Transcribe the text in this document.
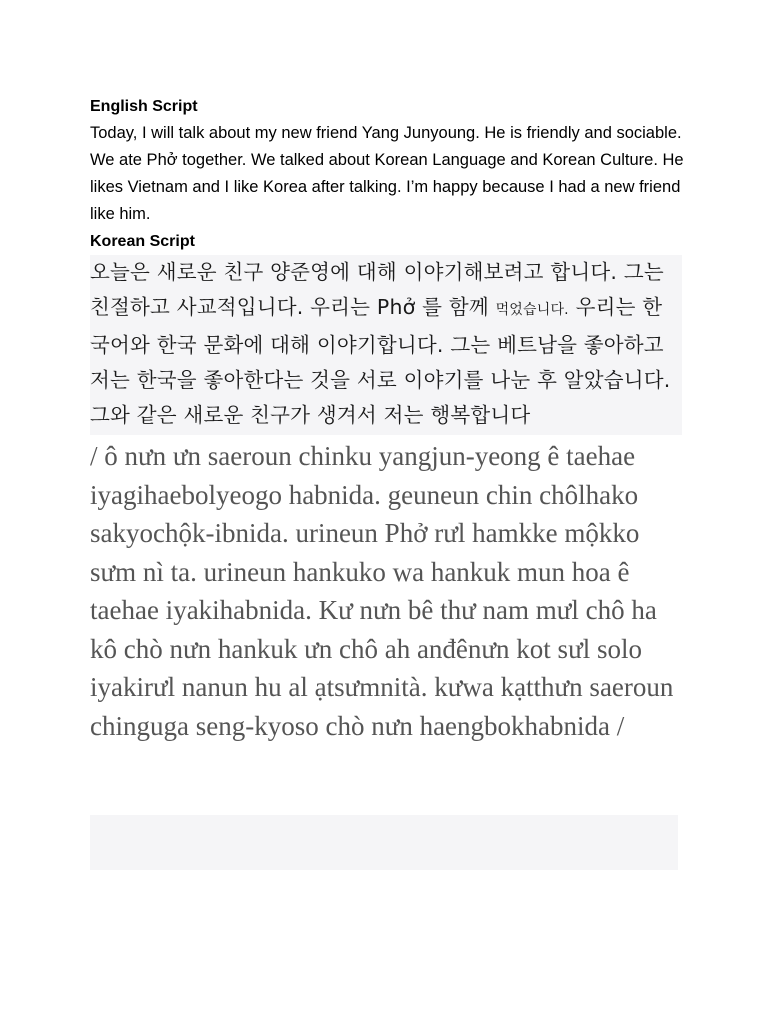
English Script

Today, I will talk about my new friend Yang Junyoung. He is friendly and sociable. We ate Phở together. We talked about Korean Language and Korean Culture. He likes Vietnam and I like Korea after talking. I’m happy because I had a new friend like him.

Korean Script

오늘은 새로운 친구 양준영에 대해 이야기해보려고 합니다. 그는 친절하고 사교적입니다. 우리는 Phở 를 함께 먹었습니다. 우리는 한국어와 한국 문화에 대해 이야기합니다. 그는 베트남을 좋아하고 저는 한국을 좋아한다는 것을 서로 이야기를 나눈 후 알았습니다. 그와 같은 새로운 친구가 생겨서 저는 행복합니다

/ ô nưn ưn saeroun chinku yangjun-yeong ê taehae iyagihaebolyeogo habnida. geuneun chin chôlhako sakyochộk-ibnida. urineun Phở rưl hamkke mộkko sưm nì ta. urineun hankuko wa hankuk mun hoa ê taehae iyakihabnida. Kư nưn bê thư nam mưl chô ha kô chò nưn hankuk ưn chô ah anđênưn kot sưl solo iyakirưl nanun hu al ạtsưmnità. kưwa kạtthưn saeroun chinguga seng-kyoso chò nưn haengbokhabnida /
